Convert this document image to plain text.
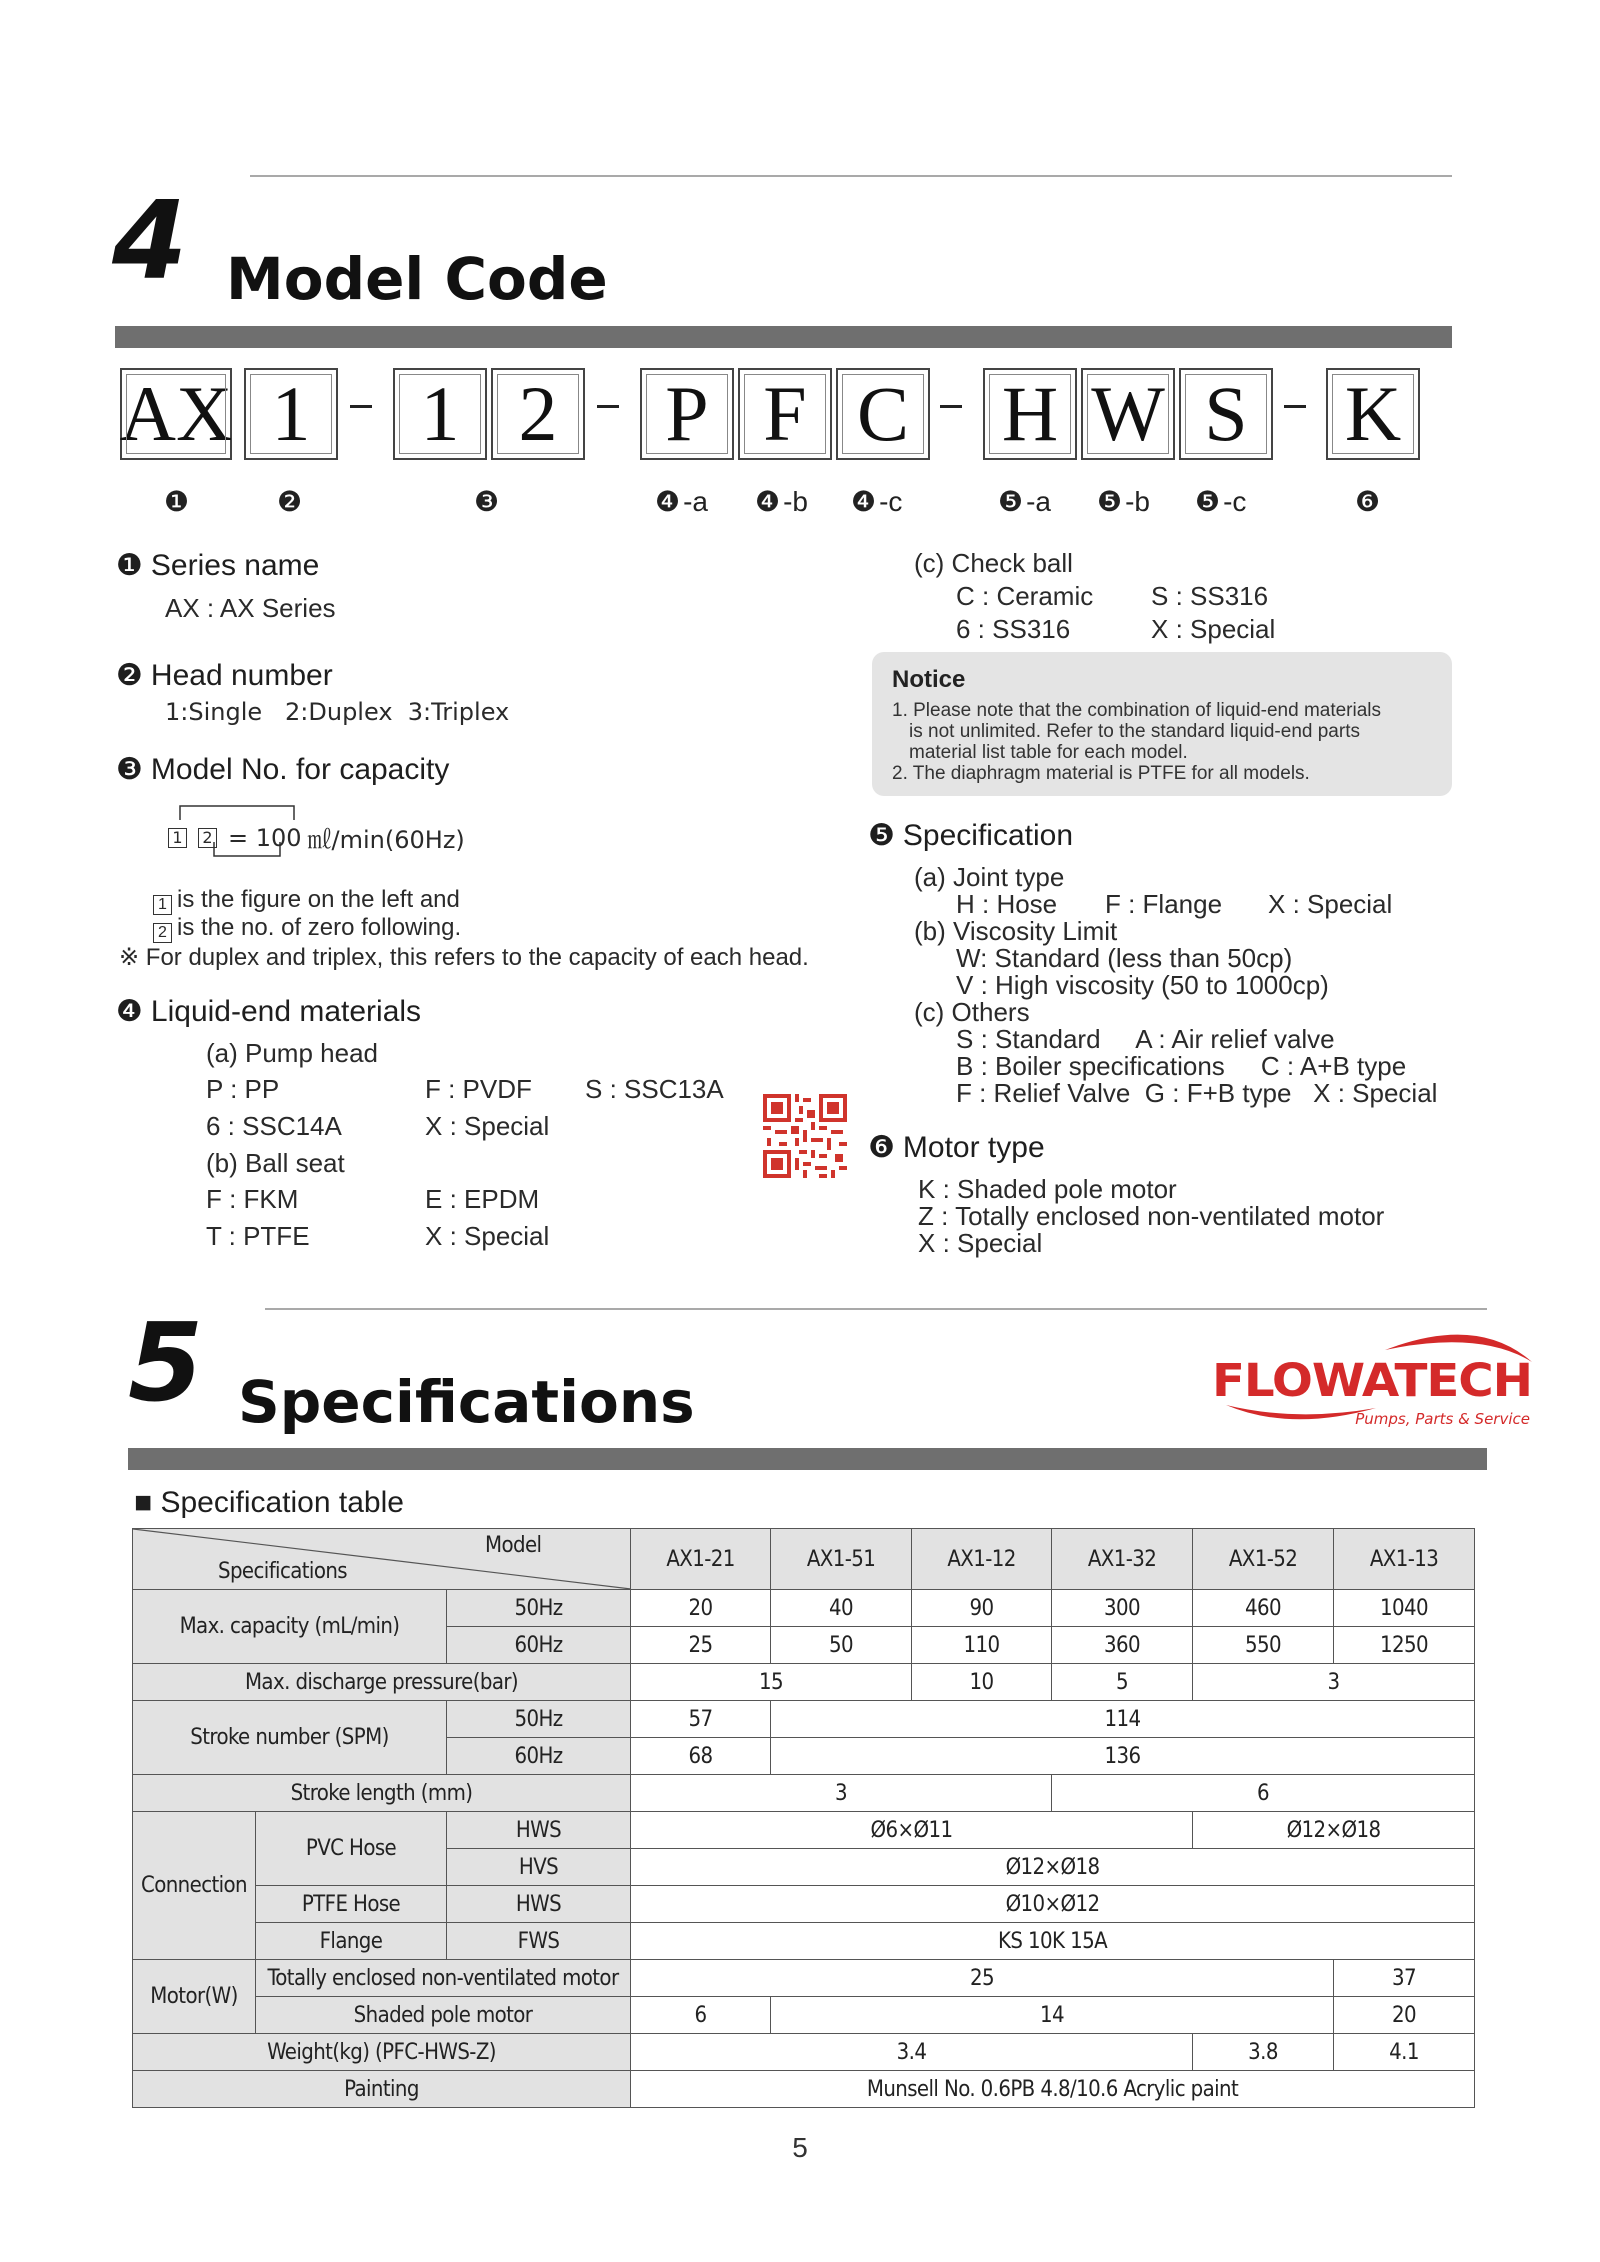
4 Model Code
AX 1	1 2	P F C H W S	K
❶	❷	❸	❹ -a ❹ -b ❹ -c	❺ -a ❺ -b ❺ -c	❻
❶ Series name
AX : AX Series
❷ Head number
1:Single   2:Duplex  3:Triplex
❸ Model No. for capacity
1 2 = 100 ㎖/min(60Hz)
1 is the figure on the left and
2 is the no. of zero following.
※ For duplex and triplex, this refers to the capacity of each head.
❹ Liquid-end materials
(a) Pump head
P : PP	F : PVDF S : SSC13A
6 : SSC14A	X : Special
(b) Ball seat
F : FKM	E : EPDM
T : PTFE	X : Special
(c) Check ball
C : Ceramic S : SS316
6 : SS316	X : Special
Notice
1. Please note that the combination of liquid-end materials
is not unlimited. Refer to the standard liquid-end parts
material list table for each model.
2. The diaphragm material is PTFE for all models.
❺ Specification
(a) Joint type
H : Hose F : Flange X : Special
(b) Viscosity Limit
W: Standard (less than 50cp)
V : High viscosity (50 to 1000cp)
(c) Others
S : Standard     A : Air relief valve
B : Boiler specifications     C : A+B type
F : Relief Valve  G : F+B type   X : Special
❻ Motor type
K : Shaded pole motor
Z : Totally enclosed non-ventilated motor
X : Special
5 Specifications	FLOWATECH
Pumps, Parts & Service
■ Specification table
Model
Specifications			AX1-21	AX1-51	AX1-12	AX1-32	AX1-52	AX1-13
Max. capacity (mL/min)		50Hz	20	40	90	300	460	1040
		60Hz	25	50	110	360	550	1250
Max. discharge pressure(bar)			15		10	5	3	
Stroke number (SPM)		50Hz	57	114				
		60Hz	68	136				
Stroke length (mm)			3			6		
Connection	PVC Hose	HWS	Ø6×Ø11				Ø12×Ø18	
		HVS	Ø12×Ø18					
	PTFE Hose	HWS	Ø10×Ø12					
	Flange	FWS	KS 10K 15A					
Motor(W)	Totally enclosed non-ventilated motor		25					37
	Shaded pole motor		6	14				20
Weight(kg) (PFC-HWS-Z)			3.4				3.8	4.1
Painting			Munsell No. 0.6PB 4.8/10.6 Acrylic paint					
5
